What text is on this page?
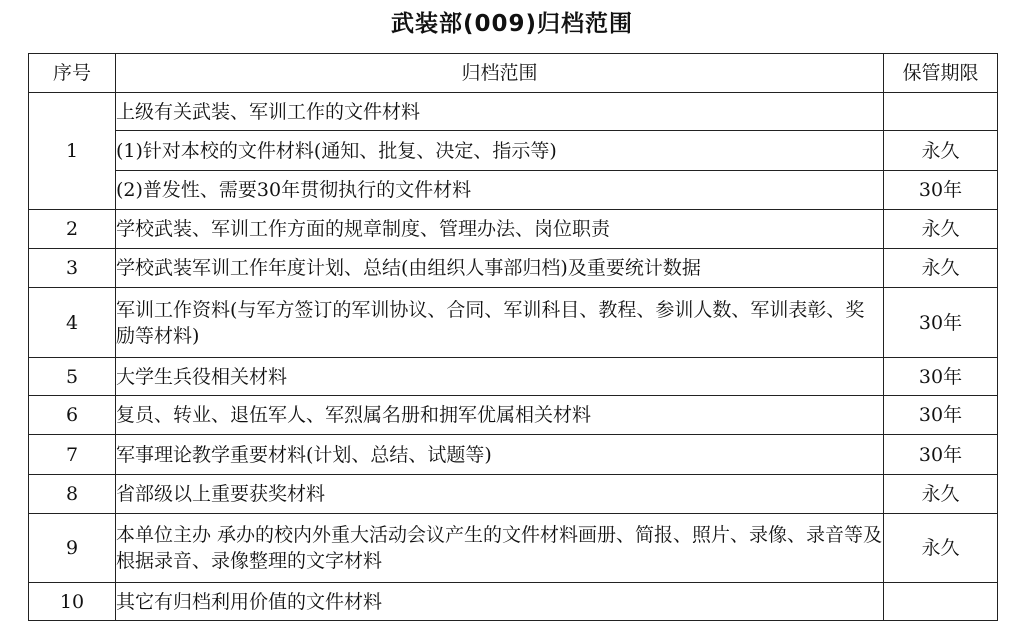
武装部(009)归档范围
序号	归档范围	保管期限
1	上级有关武装、军训工作的文件材料	
	(1)针对本校的文件材料(通知、批复、决定、指示等)	永久
	(2)普发性、需要30年贯彻执行的文件材料	30年
2	学校武装、军训工作方面的规章制度、管理办法、岗位职责	永久
3	学校武装军训工作年度计划、总结(由组织人事部归档)及重要统计数据	永久
4	军训工作资料(与军方签订的军训协议、合同、军训科目、教程、参训人数、军训表彰、奖励等材料)	30年
5	大学生兵役相关材料	30年
6	复员、转业、退伍军人、军烈属名册和拥军优属相关材料	30年
7	军事理论教学重要材料(计划、总结、试题等)	30年
8	省部级以上重要获奖材料	永久
9	本单位主办 承办的校内外重大活动会议产生的文件材料画册、简报、照片、录像、录音等及根据录音、录像整理的文字材料	永久
10	其它有归档利用价值的文件材料	
